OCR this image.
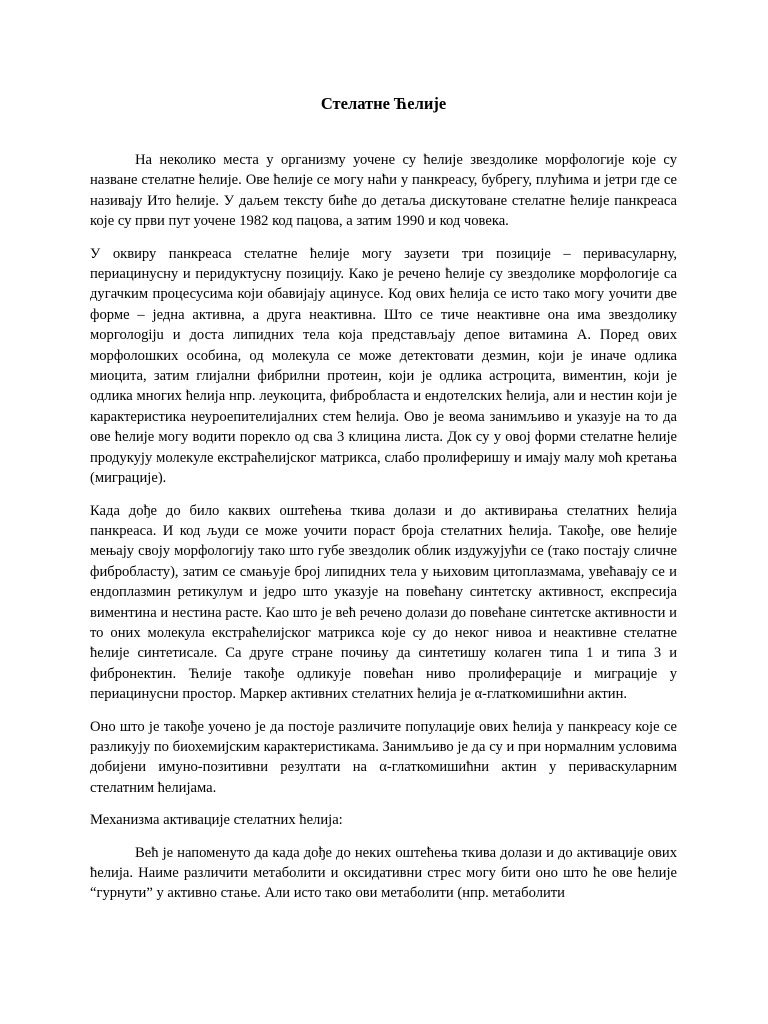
Стелатне Ћелије

На неколико места у организму уочене су ћелије звездолике морфологије које су назване стелатне ћелије. Ове ћелије се могу наћи у панкреасу, бубрегу, плућима и јетри где се називају Ито ћелије. У даљем тексту биће до детаља дискутоване стелатне ћелије панкреаса које су први пут уочене 1982 код пацова, а затим 1990 и код човека.

У оквиру панкреаса стелатне ћелије могу заузети три позиције – перивасуларну, периацинусну и перидуктусну позицију. Како је речено ћелије су звездолике морфологије са дугачким процесусима који обавијају ацинусе. Код ових ћелија се исто тако могу уочити две форме – једна активна, а друга неактивна. Што се тиче неактивне она има звездолику морголоgiju и доста липидних тела која представљају депое витамина А. Поред ових морфолошких особина, од молекула се може детектовати дезмин, који је иначе одлика миоцита, затим глијални фибрилни протеин, који је одлика астроцита, виментин, који је одлика многих ћелија нпр. леукоцита, фибробласта и ендотелских ћелија, али и нестин који је карактеристика неуроепителијалних стем ћелија. Ово је веома занимљиво и указује на то да ове ћелије могу водити порекло од сва 3 клицина листа. Док су у овој форми стелатне ћелије продукују молекуле екстраћелијског матрикса, слабо пролиферишу и имају малу моћ кретања (миграције).

Када дође до било каквих оштећења ткива долази и до активирања стелатних ћелија панкреаса. И код људи се може уочити пораст броја стелатних ћелија. Такође, ове ћелије мењају своју морфологију тако што губе звездолик облик издужујући се (тако постају сличне фибробласту), затим се смањује број липидних тела у њиховим цитоплазмама, увећавају се и ендоплазмин ретикулум и једро што указује на повећану синтетску активност, експресија виментина и нестина расте. Као што је већ речено долази до повећане синтетске активности и то оних молекула екстраћелијског матрикса које су до неког нивоа и неактивне стелатне ћелије синтетисале. Са друге стране почињу да синтетишу колаген типа 1 и типа 3 и фибронектин. Ћелије такође одликује повећан ниво пролиферације и миграције у периацинусни простор. Маркер активних стелатних ћелија је α-глаткомишићни актин.

Оно што је такође уочено је да постоје различите популације ових ћелија у панкреасу које се разликују по биохемијским карактеристикама. Занимљиво је да су и при нормалним условима добијени имуно-позитивни резултати на α-глаткомишићни актин у периваскуларним стелатним ћелијама.

Механизма активације стелатних ћелија:

Већ је напоменуто да када дође до неких оштећења ткива долази и до активације ових ћелија. Наиме различити метаболити и оксидативни стрес могу бити оно што ће ове ћелије “гурнути” у активно стање. Али исто тако ови метаболити (нпр. метаболити
